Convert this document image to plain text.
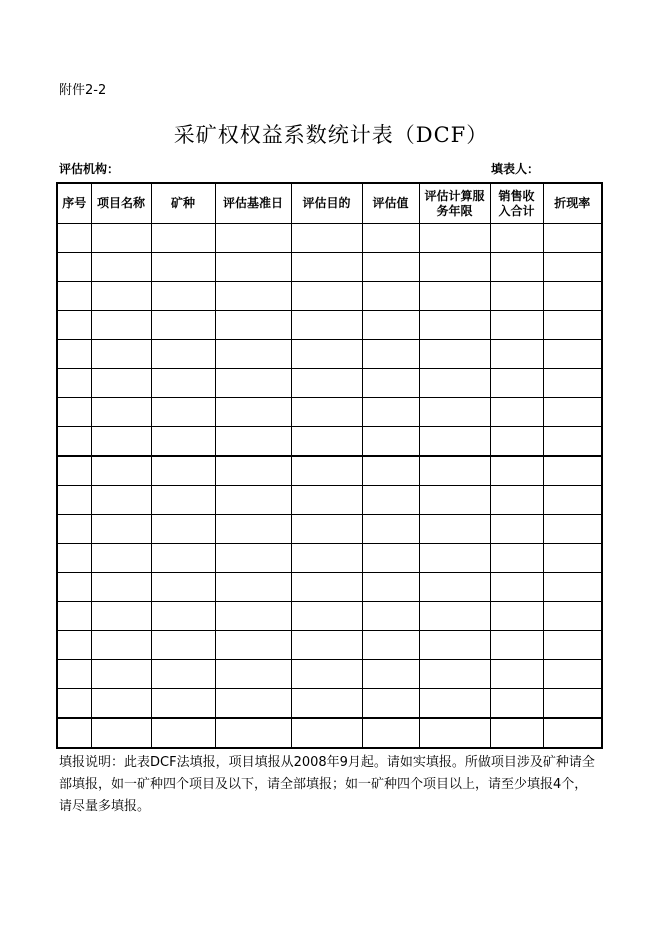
附件2-2
采矿权权益系数统计表（DCF）
评估机构：	填表人：
序号	项目名称	矿种	评估基准日	评估目的	评估值	评估计算服务年限	销售收入合计	折现率

填报说明：此表DCF法填报，项目填报从2008年9月起。请如实填报。所做项目涉及矿种请全部填报，如一矿种四个项目及以下，请全部填报；如一矿种四个项目以上，请至少填报4个，请尽量多填报。
